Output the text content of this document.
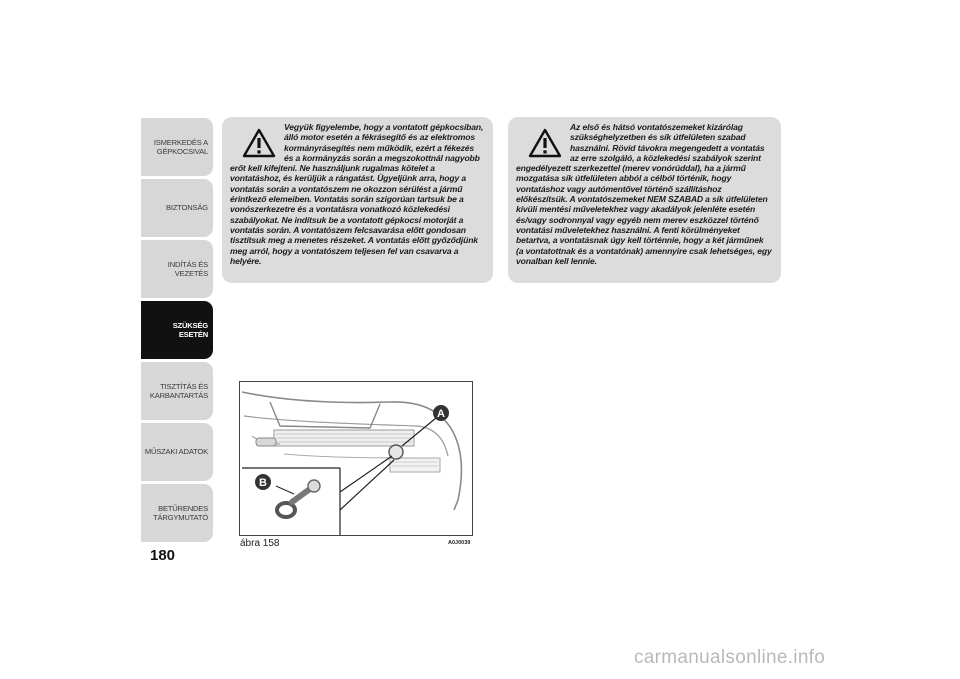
ISMERKEDÉS A
GÉPKOCSIVAL
BIZTONSÁG
INDÍTÁS ÉS VEZETÉS
SZÜKSÉG ESETÉN
TISZTÍTÁS ÉS
KARBANTARTÁS
MŰSZAKI ADATOK
BETŰRENDES
TÁRGYMUTATÓ
180

Vegyük figyelembe, hogy a vontatott gépkocsiban, álló motor esetén a fékrásegítő és az elektromos kormányrásegítés nem működik, ezért a fékezés és a kormányzás során a megszokottnál nagyobb erőt kell kifejteni. Ne használjunk rugalmas kötelet a vontatáshoz, és kerüljük a rángatást. Ügyeljünk arra, hogy a vontatás során a vontatószem ne okozzon sérülést a jármű érintkező elemeiben. Vontatás során szigorúan tartsuk be a vonószerkezetre és a vontatásra vonatkozó közlekedési szabályokat. Ne indítsuk be a vontatott gépkocsi motorját a vontatás során. A vontatószem felcsavarása előtt gondosan tisztítsuk meg a menetes részeket. A vontatás előtt győződjünk meg arról, hogy a vontatószem teljesen fel van csavarva a helyére.

Az első és hátsó vontatószemeket kizárólag szükséghelyzetben és sík útfelületen szabad használni. Rövid távokra megengedett a vontatás az erre szolgáló, a közlekedési szabályok szerint engedélyezett szerkezettel (merev vonórúddal), ha a jármű mozgatása sík útfelületen abból a célból történik, hogy vontatáshoz vagy autómentővel történő szállításhoz előkészítsük. A vontatószemeket NEM SZABAD a sík útfelületen kívüli mentési műveletekhez vagy akadályok jelenléte esetén és/vagy sodronnyal vagy egyéb nem merev eszközzel történő vontatási műveletekhez használni. A fenti körülményeket betartva, a vontatásnak úgy kell történnie, hogy a két járműnek (a vontatottnak és a vontatónak) amennyire csak lehetséges, egy vonalban kell lennie.

A
B
ábra 158	A0J0039
carmanualsonline.info
